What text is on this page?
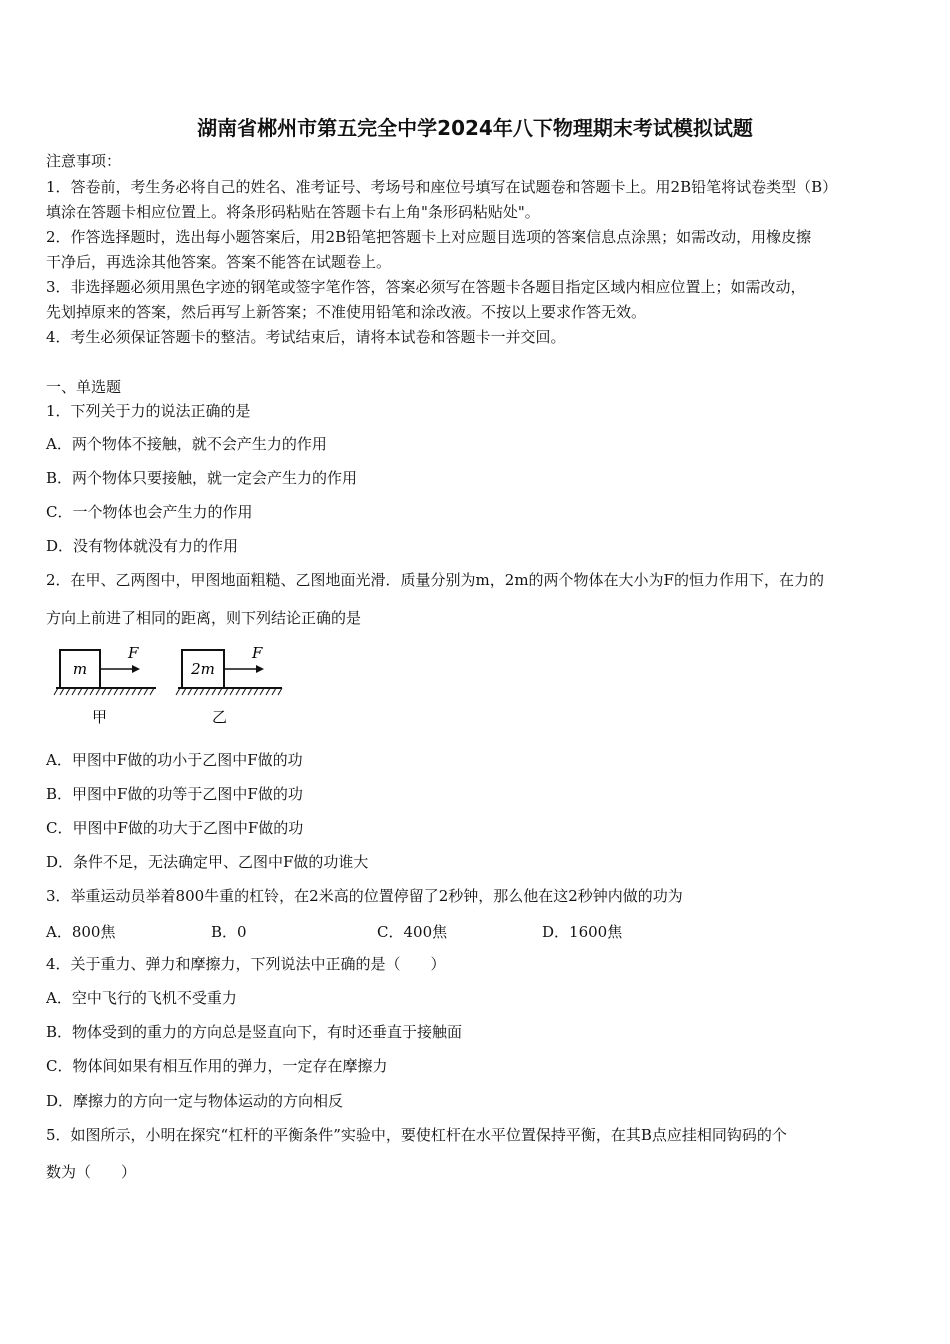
湖南省郴州市第五完全中学2024年八下物理期末考试模拟试题
注意事项：
1．答卷前，考生务必将自己的姓名、准考证号、考场号和座位号填写在试题卷和答题卡上。用2B铅笔将试卷类型（B）
填涂在答题卡相应位置上。将条形码粘贴在答题卡右上角"条形码粘贴处"。
2．作答选择题时，选出每小题答案后，用2B铅笔把答题卡上对应题目选项的答案信息点涂黑；如需改动，用橡皮擦
干净后，再选涂其他答案。答案不能答在试题卷上。
3．非选择题必须用黑色字迹的钢笔或签字笔作答，答案必须写在答题卡各题目指定区域内相应位置上；如需改动，
先划掉原来的答案，然后再写上新答案；不准使用铅笔和涂改液。不按以上要求作答无效。
4．考生必须保证答题卡的整洁。考试结束后，请将本试卷和答题卡一并交回。
一、单选题
1．下列关于力的说法正确的是
A．两个物体不接触，就不会产生力的作用
B．两个物体只要接触，就一定会产生力的作用
C．一个物体也会产生力的作用
D．没有物体就没有力的作用
2．在甲、乙两图中，甲图地面粗糙、乙图地面光滑．质量分别为m，2m的两个物体在大小为F的恒力作用下，在力的
方向上前进了相同的距离，则下列结论正确的是
m
F
甲
2m
F
乙
A．甲图中F做的功小于乙图中F做的功
B．甲图中F做的功等于乙图中F做的功
C．甲图中F做的功大于乙图中F做的功
D．条件不足，无法确定甲、乙图中F做的功谁大
3．举重运动员举着800牛重的杠铃，在2米高的位置停留了2秒钟，那么他在这2秒钟内做的功为
A．800焦	B．0	C．400焦	D．1600焦
4．关于重力、弹力和摩擦力，下列说法中正确的是（　　）
A．空中飞行的飞机不受重力
B．物体受到的重力的方向总是竖直向下，有时还垂直于接触面
C．物体间如果有相互作用的弹力，一定存在摩擦力
D．摩擦力的方向一定与物体运动的方向相反
5．如图所示，小明在探究“杠杆的平衡条件”实验中，要使杠杆在水平位置保持平衡，在其B点应挂相同钩码的个
数为（　　）
